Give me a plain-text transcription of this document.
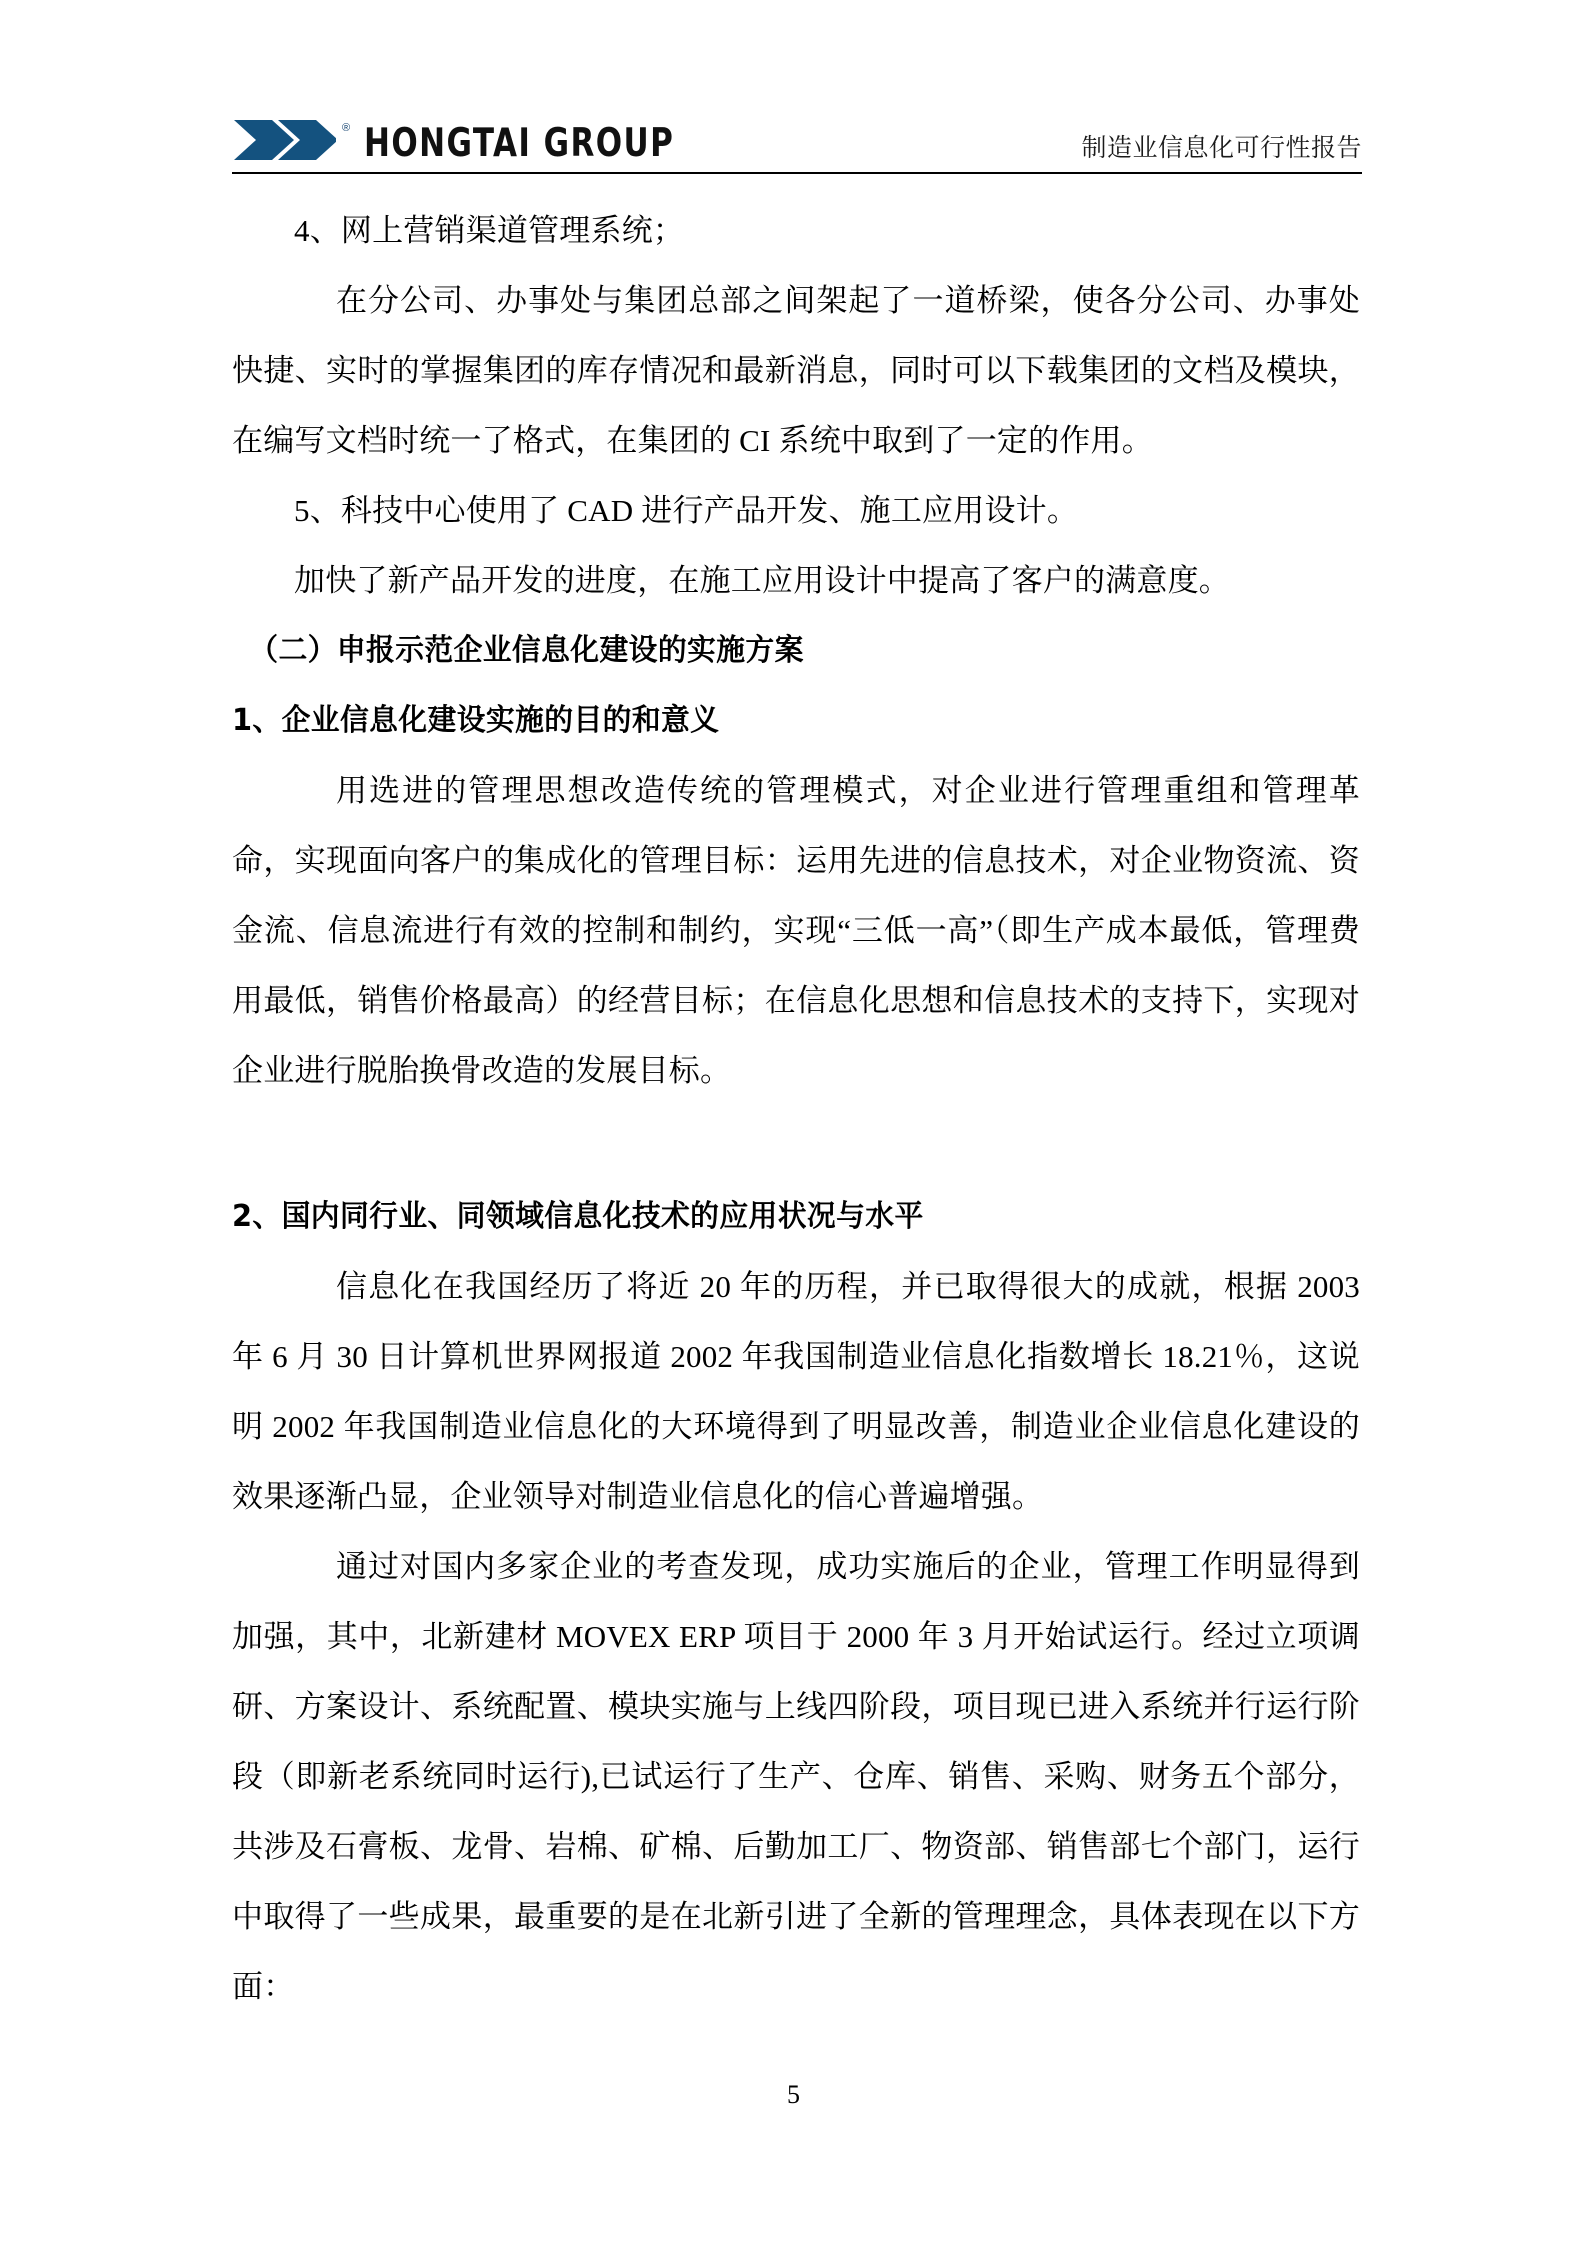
® HONGTAI GROUP	制造业信息化可行性报告

4、网上营销渠道管理系统；

在分公司、办事处与集团总部之间架起了一道桥梁，使各分公司、办事处快捷、实时的掌握集团的库存情况和最新消息，同时可以下载集团的文档及模块，在编写文档时统一了格式，在集团的 CI 系统中取到了一定的作用。

5、科技中心使用了 CAD 进行产品开发、施工应用设计。

加快了新产品开发的进度，在施工应用设计中提高了客户的满意度。

（二）申报示范企业信息化建设的实施方案
1、企业信息化建设实施的目的和意义

用选进的管理思想改造传统的管理模式，对企业进行管理重组和管理革命，实现面向客户的集成化的管理目标：运用先进的信息技术，对企业物资流、资金流、信息流进行有效的控制和制约，实现“三低一高”（即生产成本最低，管理费用最低，销售价格最高）的经营目标；在信息化思想和信息技术的支持下，实现对企业进行脱胎换骨改造的发展目标。

2、国内同行业、同领域信息化技术的应用状况与水平

信息化在我国经历了将近 20 年的历程，并已取得很大的成就，根据 2003 年 6 月 30 日计算机世界网报道 2002 年我国制造业信息化指数增长 18.21％，这说明 2002 年我国制造业信息化的大环境得到了明显改善，制造业企业信息化建设的效果逐渐凸显，企业领导对制造业信息化的信心普遍增强。

通过对国内多家企业的考查发现，成功实施后的企业，管理工作明显得到加强，其中，北新建材 MOVEX ERP 项目于 2000 年 3 月开始试运行。经过立项调研、方案设计、系统配置、模块实施与上线四阶段，项目现已进入系统并行运行阶段（即新老系统同时运行),已试运行了生产、仓库、销售、采购、财务五个部分，共涉及石膏板、龙骨、岩棉、矿棉、后勤加工厂、物资部、销售部七个部门，运行中取得了一些成果，最重要的是在北新引进了全新的管理理念，具体表现在以下方面：

5
